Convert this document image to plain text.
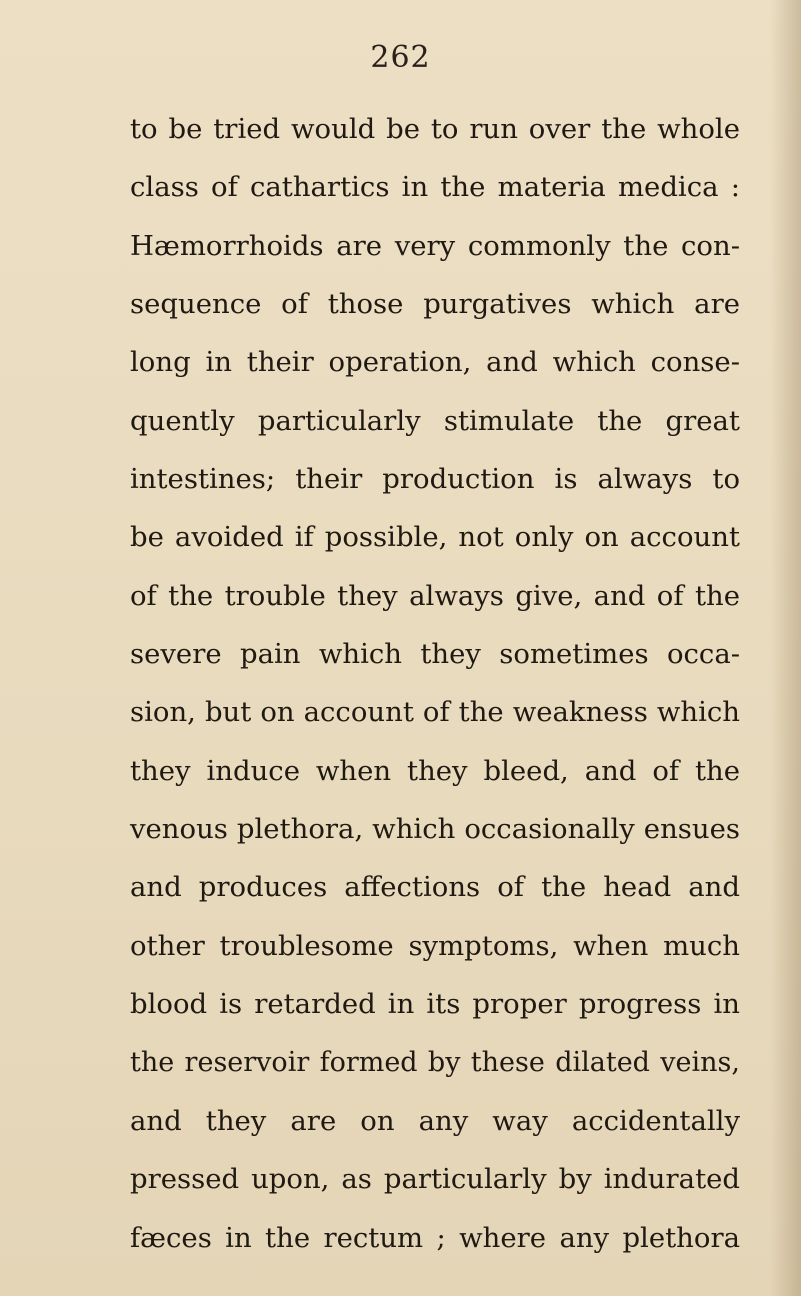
262
to be tried would be to run over the whole
class of cathartics in the materia medica :
Hæmorrhoids are very commonly the con-
sequence of those purgatives which are
long in their operation, and which conse-
quently particularly stimulate the great
intestines; their production is always to
be avoided if possible, not only on account
of the trouble they always give, and of the
severe pain which they sometimes occa-
sion, but on account of the weakness which
they induce when they bleed, and of the
venous plethora, which occasionally ensues
and produces affections of the head and
other troublesome symptoms, when much
blood is retarded in its proper progress in
the reservoir formed by these dilated veins,
and they are on any way accidentally
pressed upon, as particularly by indurated
fæces in the rectum ; where any plethora
